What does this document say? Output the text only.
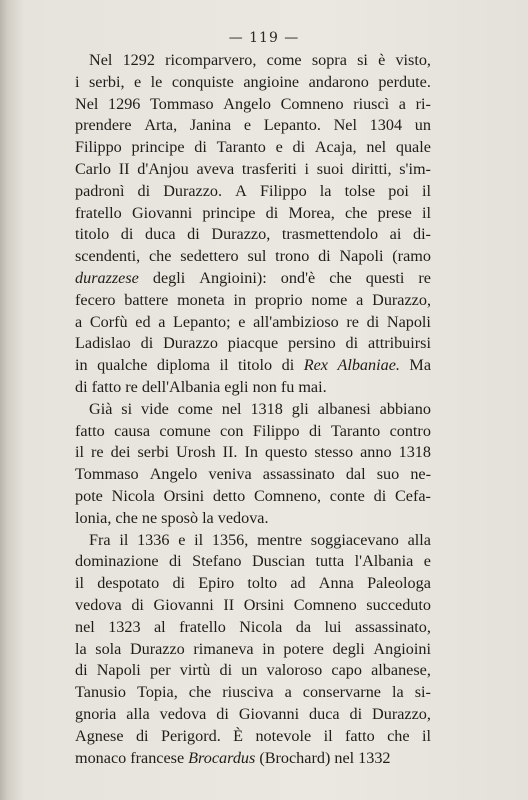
— 119 —
Nel 1292 ricomparvero, come sopra si è visto,
i serbi, e le conquiste angioine andarono perdute.
Nel 1296 Tommaso Angelo Comneno riuscì a ri-
prendere Arta, Janina e Lepanto. Nel 1304 un
Filippo principe di Taranto e di Acaja, nel quale
Carlo II d'Anjou aveva trasferiti i suoi diritti, s'im-
padronì di Durazzo. A Filippo la tolse poi il
fratello Giovanni principe di Morea, che prese il
titolo di duca di Durazzo, trasmettendolo ai di-
scendenti, che sedettero sul trono di Napoli (ramo
durazzese degli Angioini): ond'è che questi re
fecero battere moneta in proprio nome a Durazzo,
a Corfù ed a Lepanto; e all'ambizioso re di Napoli
Ladislao di Durazzo piacque persino di attribuirsi
in qualche diploma il titolo di Rex Albaniae. Ma
di fatto re dell'Albania egli non fu mai.
Già si vide come nel 1318 gli albanesi abbiano
fatto causa comune con Filippo di Taranto contro
il re dei serbi Urosh II. In questo stesso anno 1318
Tommaso Angelo veniva assassinato dal suo ne-
pote Nicola Orsini detto Comneno, conte di Cefa-
lonia, che ne sposò la vedova.
Fra il 1336 e il 1356, mentre soggiacevano alla
dominazione di Stefano Duscian tutta l'Albania e
il despotato di Epiro tolto ad Anna Paleologa
vedova di Giovanni II Orsini Comneno succeduto
nel 1323 al fratello Nicola da lui assassinato,
la sola Durazzo rimaneva in potere degli Angioini
di Napoli per virtù di un valoroso capo albanese,
Tanusio Topia, che riusciva a conservarne la si-
gnoria alla vedova di Giovanni duca di Durazzo,
Agnese di Perigord. È notevole il fatto che il
monaco francese Brocardus (Brochard) nel 1332
